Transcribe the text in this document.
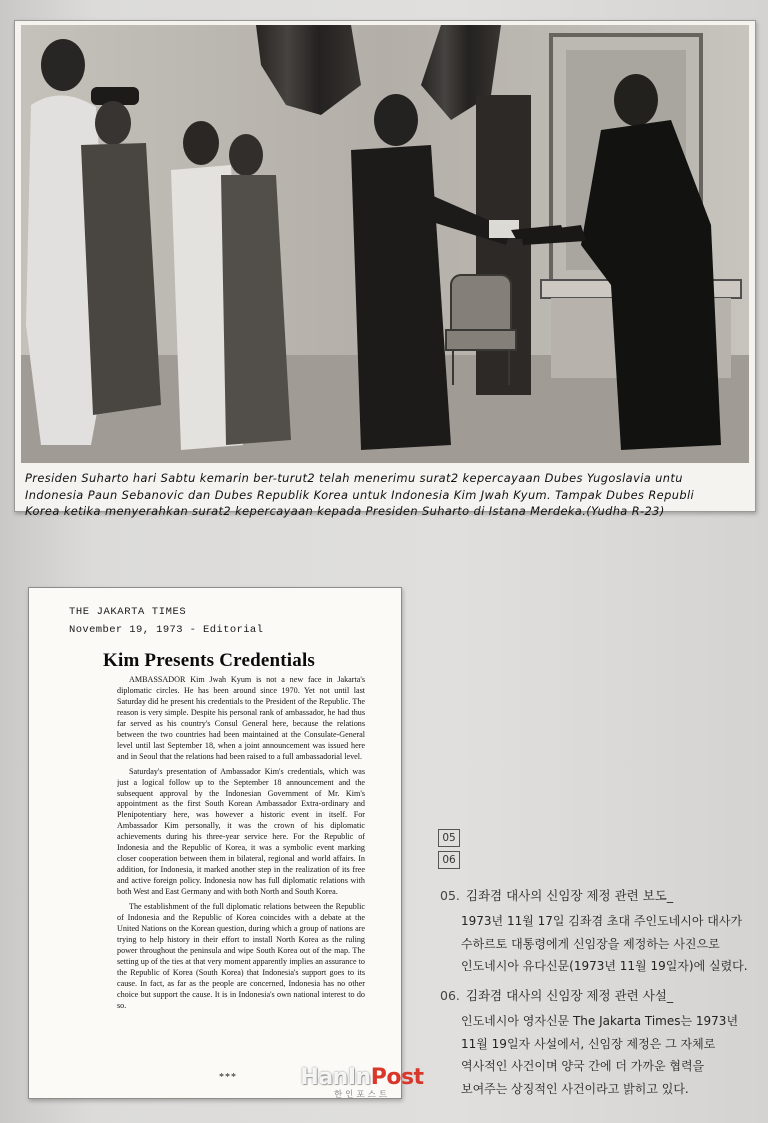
Presiden Suharto hari Sabtu kemarin ber-turut2 telah menerimu surat2 kepercayaan Dubes Yugoslavia untu
Indonesia Paun Sebanovic dan Dubes Republik Korea untuk Indonesia Kim Jwah Kyum. Tampak Dubes Republi
Korea ketika menyerahkan surat2 kepercayaan kepada Presiden Suharto di Istana Merdeka.(Yudha R-23)
THE JAKARTA TIMES
November 19, 1973 - Editorial
Kim Presents Credentials

AMBASSADOR Kim Jwah Kyum is not a new face in Jakarta's diplomatic circles. He has been around since 1970. Yet not until last Saturday did he present his credentials to the President of the Republic. The reason is very simple. Despite his personal rank of ambassador, he had thus far served as his country's Consul General here, because the relations between the two countries had been maintained at the Consulate-General level until last September 18, when a joint announcement was issued here and in Seoul that the relations had been raised to a full ambassadorial level.

Saturday's presentation of Ambassador Kim's credentials, which was just a logical follow up to the September 18 announcement and the subsequent approval by the Indonesian Government of Mr. Kim's appointment as the first South Korean Ambassador Extra-ordinary and Plenipotentiary here, was however a historic event in itself. For Ambassador Kim personally, it was the crown of his diplomatic achievements during his three-year service here. For the Republic of Indonesia and the Republic of Korea, it was a symbolic event marking closer cooperation between them in bilateral, regional and world affairs. In addition, for Indonesia, it marked another step in the realization of its free and active foreign policy. Indonesia now has full diplomatic relations with both West and East Germany and with both North and South Korea.

The establishment of the full diplomatic relations between the Republic of Indonesia and the Republic of Korea coincides with a debate at the United Nations on the Korean question, during which a group of nations are trying to help history in their effort to install North Korea as the ruling power throughout the peninsula and wipe South Korea out of the map. The setting up of the ties at that very moment apparently implies an assurance to the Republic of Korea (South Korea) that Indonesia's support goes to its cause. In fact, as far as the people are concerned, Indonesia has no other choice but support the cause. It is in Indonesia's own national interest to do so.

***
05
06
05. 김좌겸 대사의 신임장 제정 관련 보도_
1973년 11월 17일 김좌겸 초대 주인도네시아 대사가
수하르토 대통령에게 신임장을 제정하는 사진으로
인도네시아 유다신문(1973년 11월 19일자)에 실렸다.
06. 김좌겸 대사의 신임장 제정 관련 사설_
인도네시아 영자신문 The Jakarta Times는 1973년
11월 19일자 사설에서, 신임장 제정은 그 자체로
역사적인 사건이며 양국 간에 더 가까운 협력을
보여주는 상징적인 사건이라고 밝히고 있다.
HanInPost
한인포스트
